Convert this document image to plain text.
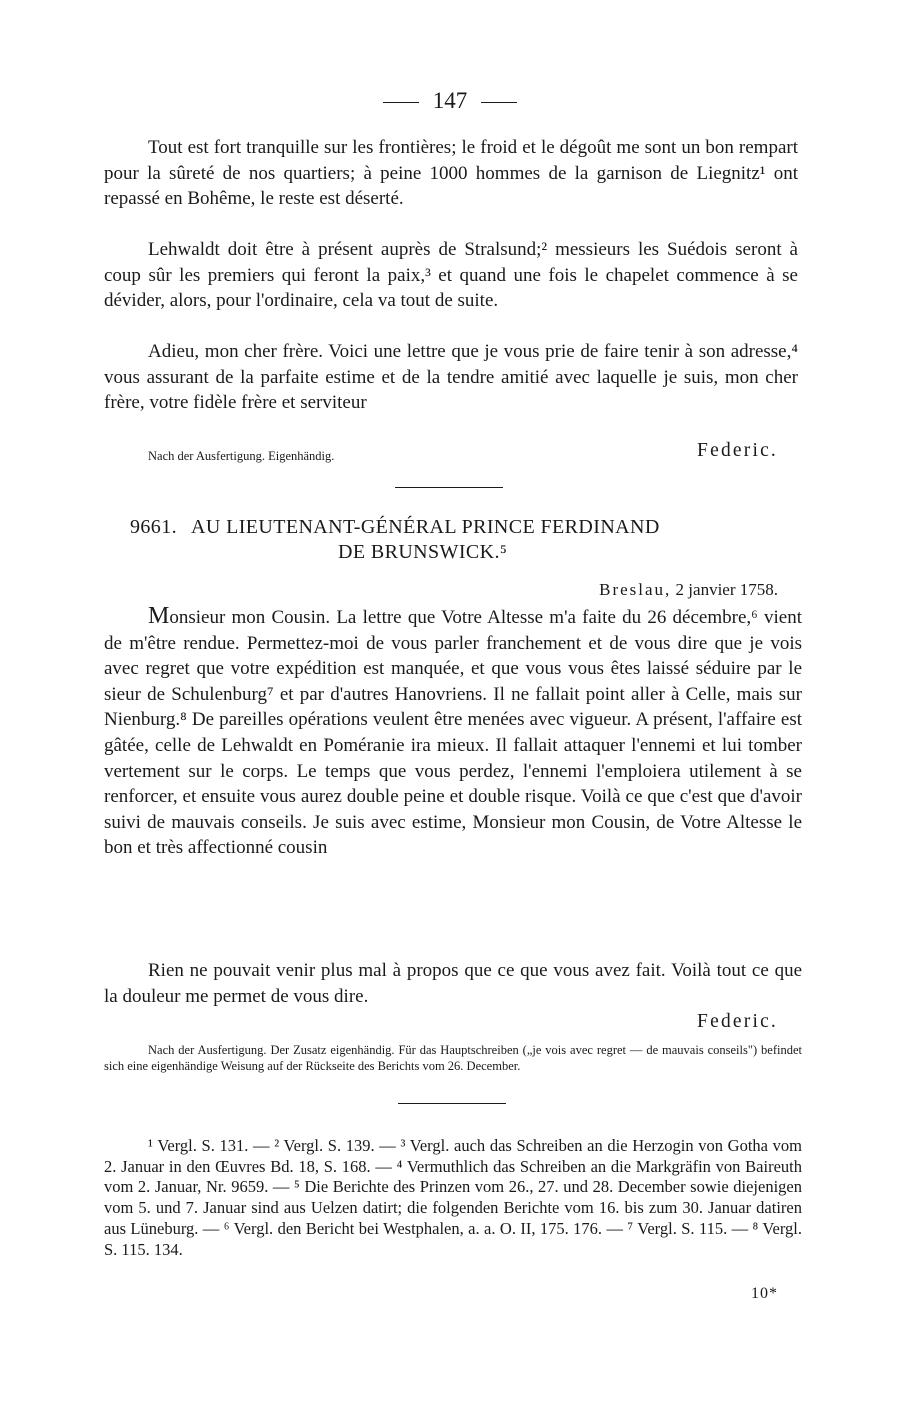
147

Tout est fort tranquille sur les frontières; le froid et le dégoût me sont un bon rempart pour la sûreté de nos quartiers; à peine 1000 hommes de la garnison de Liegnitz¹ ont repassé en Bohême, le reste est déserté.

Lehwaldt doit être à présent auprès de Stralsund;² messieurs les Suédois seront à coup sûr les premiers qui feront la paix,³ et quand une fois le chapelet commence à se dévider, alors, pour l'ordinaire, cela va tout de suite.

Adieu, mon cher frère. Voici une lettre que je vous prie de faire tenir à son adresse,⁴ vous assurant de la parfaite estime et de la tendre amitié avec laquelle je suis, mon cher frère, votre fidèle frère et serviteur

Nach der Ausfertigung. Eigenhändig.	Federic.
9661. AU LIEUTENANT-GÉNÉRAL PRINCE FERDINAND
DE BRUNSWICK.⁵
Breslau, 2 janvier 1758.

Monsieur mon Cousin. La lettre que Votre Altesse m'a faite du 26 décembre,⁶ vient de m'être rendue. Permettez-moi de vous parler franchement et de vous dire que je vois avec regret que votre expédition est manquée, et que vous vous êtes laissé séduire par le sieur de Schulenburg⁷ et par d'autres Hanovriens. Il ne fallait point aller à Celle, mais sur Nienburg.⁸ De pareilles opérations veulent être menées avec vigueur. A présent, l'affaire est gâtée, celle de Lehwaldt en Poméranie ira mieux. Il fallait attaquer l'ennemi et lui tomber vertement sur le corps. Le temps que vous perdez, l'ennemi l'emploiera utilement à se renforcer, et ensuite vous aurez double peine et double risque. Voilà ce que c'est que d'avoir suivi de mauvais conseils. Je suis avec estime, Monsieur mon Cousin, de Votre Altesse le bon et très affectionné cousin

Rien ne pouvait venir plus mal à propos que ce que vous avez fait. Voilà tout ce que la douleur me permet de vous dire.

Federic.

Nach der Ausfertigung. Der Zusatz eigenhändig. Für das Hauptschreiben („je vois avec regret — de mauvais conseils") befindet sich eine eigenhändige Weisung auf der Rückseite des Berichts vom 26. December.

¹ Vergl. S. 131. — ² Vergl. S. 139. — ³ Vergl. auch das Schreiben an die Herzogin von Gotha vom 2. Januar in den Œuvres Bd. 18, S. 168. — ⁴ Vermuthlich das Schreiben an die Markgräfin von Baireuth vom 2. Januar, Nr. 9659. — ⁵ Die Berichte des Prinzen vom 26., 27. und 28. December sowie diejenigen vom 5. und 7. Januar sind aus Uelzen datirt; die folgenden Berichte vom 16. bis zum 30. Januar datiren aus Lüneburg. — ⁶ Vergl. den Bericht bei Westphalen, a. a. O. II, 175. 176. — ⁷ Vergl. S. 115. — ⁸ Vergl. S. 115. 134.

10*
